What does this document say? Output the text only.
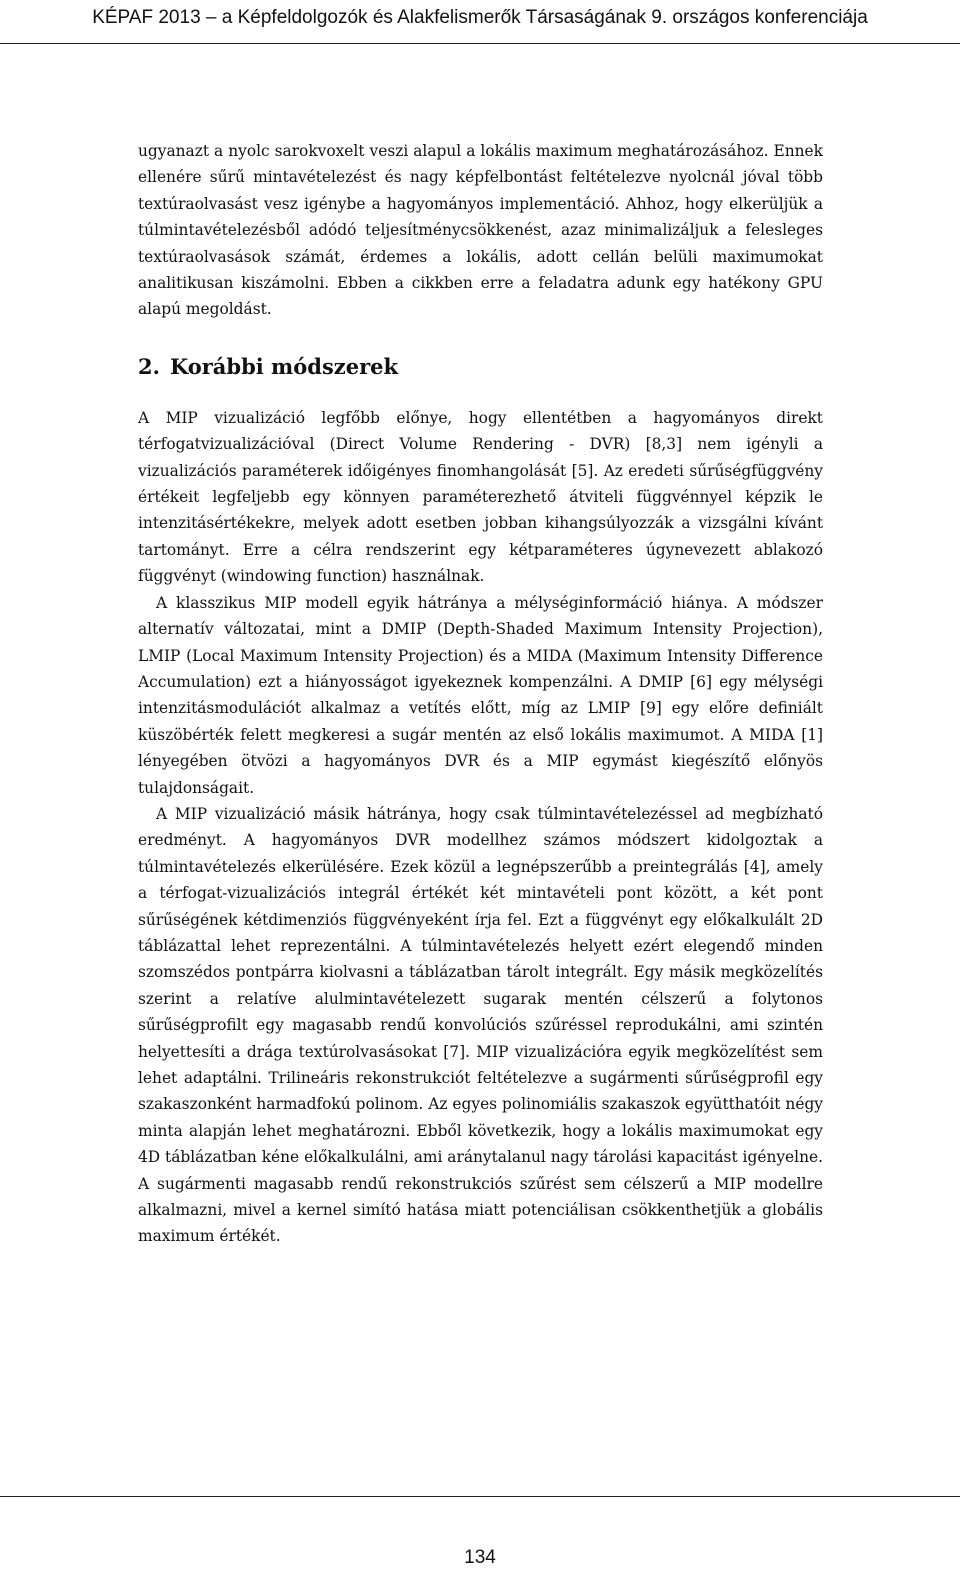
KÉPAF 2013 – a Képfeldolgozók és Alakfelismerők Társaságának 9. országos konferenciája

ugyanazt a nyolc sarokvoxelt veszi alapul a lokális maximum meghatározásához. Ennek ellenére sűrű mintavételezést és nagy képfelbontást feltételezve nyolcnál jóval több textúraolvasást vesz igénybe a hagyományos implementáció. Ahhoz, hogy elkerüljük a túlmintavételezésből adódó teljesítménycsökkenést, azaz minimalizáljuk a felesleges textúraolvasások számát, érdemes a lokális, adott cellán belüli maximumokat analitikusan kiszámolni. Ebben a cikkben erre a feladatra adunk egy hatékony GPU alapú megoldást.

2. Korábbi módszerek

A MIP vizualizáció legfőbb előnye, hogy ellentétben a hagyományos direkt térfogatvizualizációval (Direct Volume Rendering - DVR) [8,3] nem igényli a vizualizációs paraméterek időigényes finomhangolását [5]. Az eredeti sűrűségfüggvény értékeit legfeljebb egy könnyen paraméterezhető átviteli függvénnyel képzik le intenzitásértékekre, melyek adott esetben jobban kihangsúlyozzák a vizsgálni kívánt tartományt. Erre a célra rendszerint egy kétparaméteres úgynevezett ablakozó függvényt (windowing function) használnak.

A klasszikus MIP modell egyik hátránya a mélységinformáció hiánya. A módszer alternatív változatai, mint a DMIP (Depth-Shaded Maximum Intensity Projection), LMIP (Local Maximum Intensity Projection) és a MIDA (Maximum Intensity Difference Accumulation) ezt a hiányosságot igyekeznek kompenzálni. A DMIP [6] egy mélységi intenzitásmodulációt alkalmaz a vetítés előtt, míg az LMIP [9] egy előre definiált küszöbérték felett megkeresi a sugár mentén az első lokális maximumot. A MIDA [1] lényegében ötvözi a hagyományos DVR és a MIP egymást kiegészítő előnyös tulajdonságait.

A MIP vizualizáció másik hátránya, hogy csak túlmintavételezéssel ad megbízható eredményt. A hagyományos DVR modellhez számos módszert kidolgoztak a túlmintavételezés elkerülésére. Ezek közül a legnépszerűbb a preintegrálás [4], amely a térfogat-vizualizációs integrál értékét két mintavételi pont között, a két pont sűrűségének kétdimenziós függvényeként írja fel. Ezt a függvényt egy előkalkulált 2D táblázattal lehet reprezentálni. A túlmintavételezés helyett ezért elegendő minden szomszédos pontpárra kiolvasni a táblázatban tárolt integrált. Egy másik megközelítés szerint a relatíve alulmintavételezett sugarak mentén célszerű a folytonos sűrűségprofilt egy magasabb rendű konvolúciós szűréssel reprodukálni, ami szintén helyettesíti a drága textúrolvasásokat [7]. MIP vizualizációra egyik megközelítést sem lehet adaptálni. Trilineáris rekonstrukciót feltételezve a sugármenti sűrűségprofil egy szakaszonként harmadfokú polinom. Az egyes polinomiális szakaszok együtthatóit négy minta alapján lehet meghatározni. Ebből következik, hogy a lokális maximumokat egy 4D táblázatban kéne előkalkulálni, ami aránytalanul nagy tárolási kapacitást igényelne. A sugármenti magasabb rendű rekonstrukciós szűrést sem célszerű a MIP modellre alkalmazni, mivel a kernel simító hatása miatt potenciálisan csökkenthetjük a globális maximum értékét.

134
